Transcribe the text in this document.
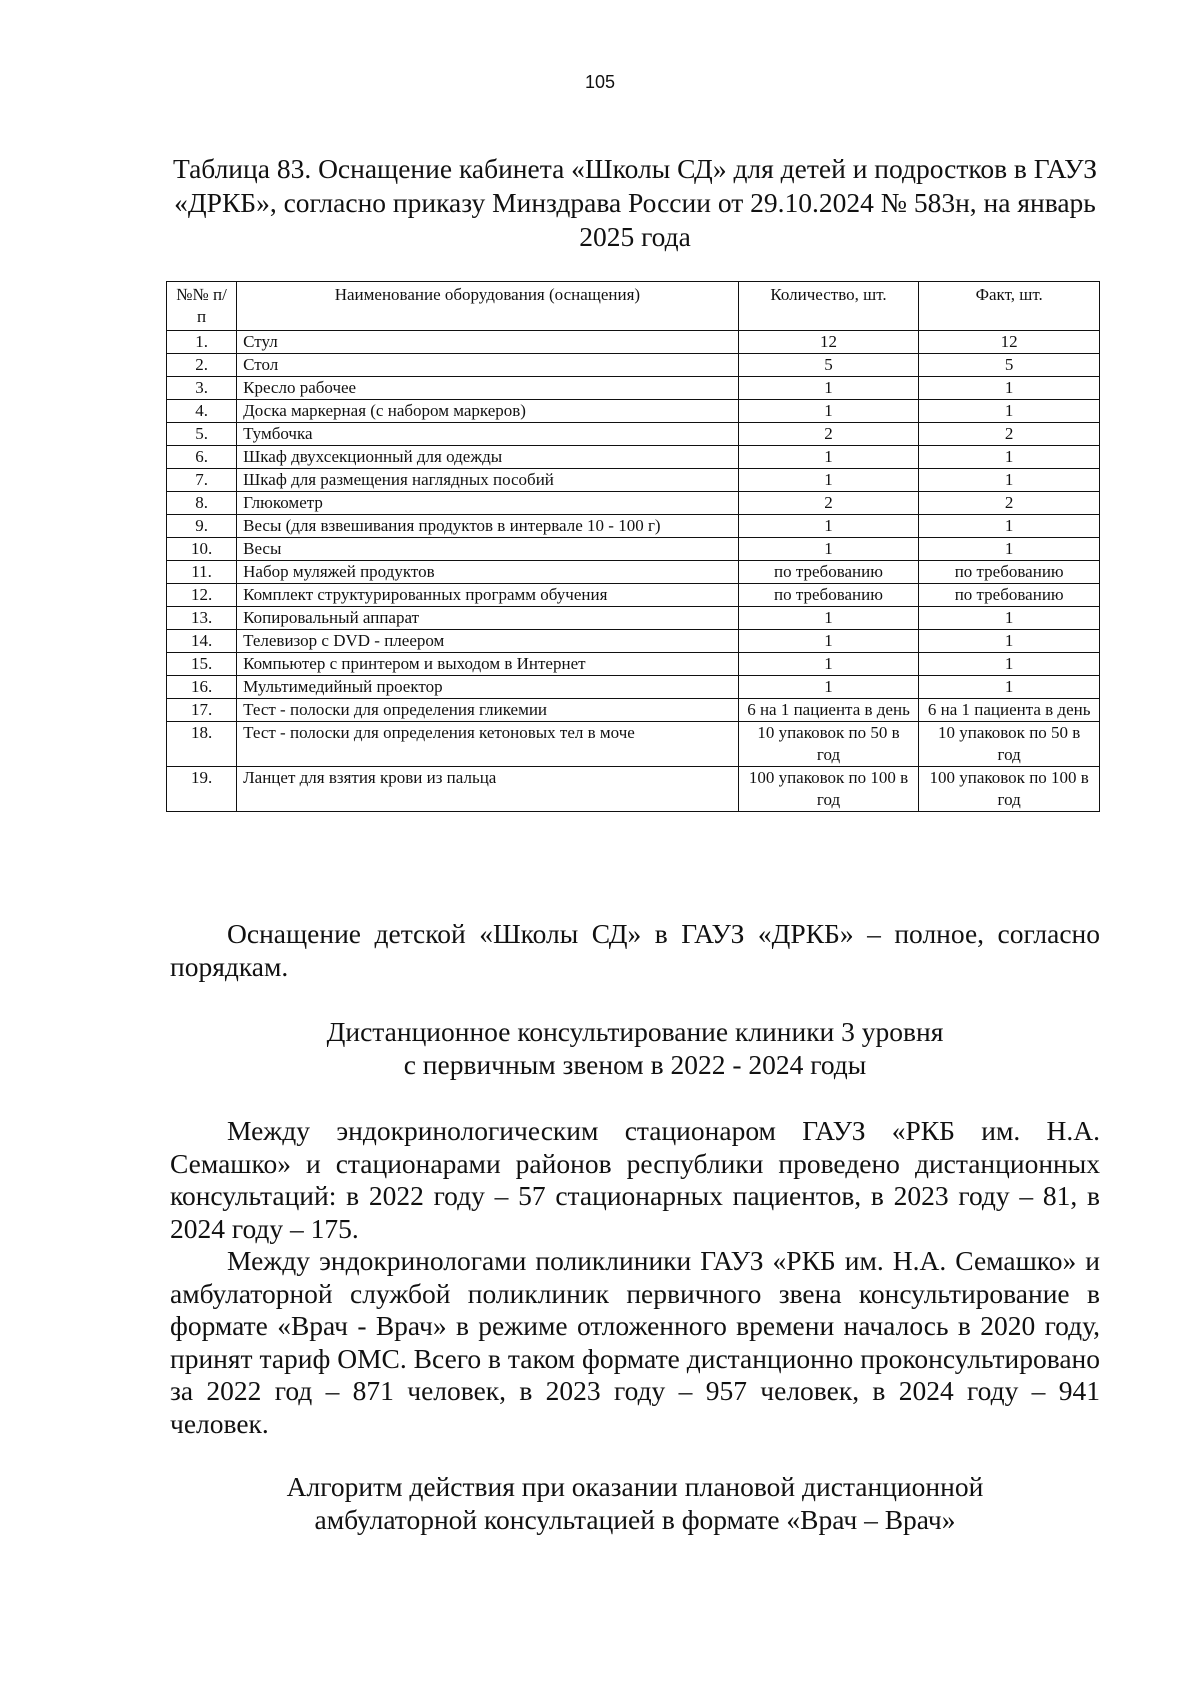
105
Таблица 83. Оснащение кабинета «Школы СД» для детей и подростков в ГАУЗ «ДРКБ», согласно приказу Минздрава России от 29.10.2024 № 583н, на январь 2025 года
№№ п/п	Наименование оборудования (оснащения)	Количество, шт.	Факт, шт.
1.	Стул	12	12
2.	Стол	5	5
3.	Кресло рабочее	1	1
4.	Доска маркерная (с набором маркеров)	1	1
5.	Тумбочка	2	2
6.	Шкаф двухсекционный для одежды	1	1
7.	Шкаф для размещения наглядных пособий	1	1
8.	Глюкометр	2	2
9.	Весы (для взвешивания продуктов в интервале 10 - 100 г)	1	1
10.	Весы	1	1
11.	Набор муляжей продуктов	по требованию	по требованию
12.	Комплект структурированных программ обучения	по требованию	по требованию
13.	Копировальный аппарат	1	1
14.	Телевизор с DVD - плеером	1	1
15.	Компьютер с принтером и выходом в Интернет	1	1
16.	Мультимедийный проектор	1	1
17.	Тест - полоски для определения гликемии	6 на 1 пациента в день	6 на 1 пациента в день
18.	Тест - полоски для определения кетоновых тел в моче	10 упаковок по 50 в год	10 упаковок по 50 в год
19.	Ланцет для взятия крови из пальца	100 упаковок по 100 в год	100 упаковок по 100 в год
Оснащение детской «Школы СД» в ГАУЗ «ДРКБ» – полное, согласно порядкам.
Дистанционное консультирование клиники 3 уровня
с первичным звеном в 2022 - 2024 годы
Между эндокринологическим стационаром ГАУЗ «РКБ им. Н.А. Семашко» и стационарами районов республики проведено дистанционных консультаций: в 2022 году – 57 стационарных пациентов, в 2023 году – 81, в 2024 году – 175.
Между эндокринологами поликлиники ГАУЗ «РКБ им. Н.А. Семашко» и амбулаторной службой поликлиник первичного звена консультирование в формате «Врач - Врач» в режиме отложенного времени началось в 2020 году, принят тариф ОМС. Всего в таком формате дистанционно проконсультировано за 2022 год – 871 человек, в 2023 году – 957 человек, в 2024 году – 941 человек.
Алгоритм действия при оказании плановой дистанционной
амбулаторной консультацией в формате «Врач – Врач»
